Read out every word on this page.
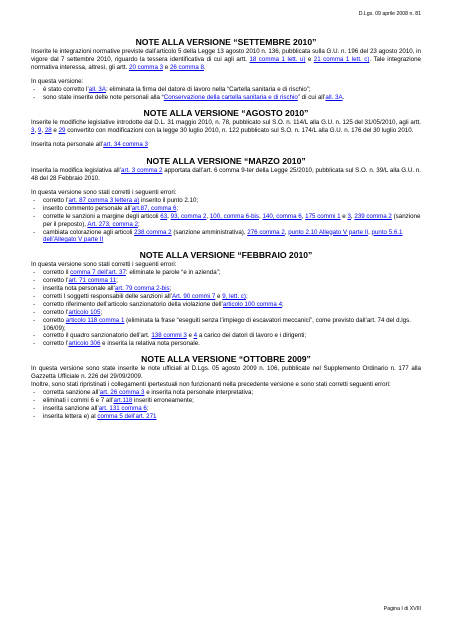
D.Lgs. 09 aprile 2008 n. 81
NOTE ALLA VERSIONE “SETTEMBRE 2010”

Inserite le integrazioni normative previste dall’articolo 5 della Legge 13 agosto 2010 n. 136, pubblicata sulla G.U. n. 196 del 23 agosto 2010, in vigore dal 7 settembre 2010, riguardo la tessera identificativa di cui agli artt. 18 comma 1 lett. u) e 21 comma 1 lett. c). Tale integrazione normativa interessa, altresì, gli artt. 20 comma 3 e 26 comma 8.

In questa versione:

- è stato corretto l’all. 3A: eliminata la firma del datore di lavoro nella “Cartella sanitaria e di rischio”;
- sono state inserite delle note personali alla “Conservazione della cartella sanitaria e di rischio” di cui all’all. 3A.
NOTE ALLA VERSIONE “AGOSTO 2010”

Inserite le modifiche legislative introdotte dal D.L. 31 maggio 2010, n. 78, pubblicato sul S.O. n. 114/L alla G.U. n. 125 del 31/05/2010, agli artt. 3, 9, 28 e 29 convertito con modificazioni con la legge 30 luglio 2010, n. 122 pubblicato sul S.O. n. 174/L alla G.U. n. 176 del 30 luglio 2010.

Inserita nota personale all’art. 34 comma 3

NOTE ALLA VERSIONE “MARZO 2010”

Inserita la modifica legislativa all’art. 3 comma 2 apportata dall’art. 6 comma 9-ter della Legge 25/2010, pubblicata sul S.O. n. 39/L alla G.U. n. 48 del 28 Febbraio 2010.

In questa versione sono stati corretti i seguenti errori:

- corretto l’art. 87 comma 3 lettera a) inserito il punto 2.10;
- inserito commento personale all’art.87, comma 6;
- corrette le sanzioni a margine degli articoli 63, 93, comma 2, 100, comma 6-bis, 140, comma 6, 175 commi 1 e 3, 239 comma 2 (sanzione per il preposto), Art. 273, comma 2;
- cambiata colorazione agli articoli 238 comma 2 (sanzione amministrativa), 276 comma 2, punto 2.10 Allegato V parte II, punto 5.6.1 dell’Allegato V parte II
NOTE ALLA VERSIONE “FEBBRAIO 2010”

In questa versione sono stati corretti i seguenti errori:

- corretto il comma 7 dell’art. 37: eliminate le parole “e in azienda”;
- corretto l’art. 71 comma 11;
- inserita nota personale all’art. 79 comma 2-bis;
- corretti I soggetti responsabili delle sanzioni all’Art. 90 commi 7 e 9, lett. c);
- corretto riferimento dell’articolo sanzionatorio della violazione dell’articolo 100 comma 4;
- corretto l’articolo 105;
- corretto articolo 118 comma 1 (eliminata la frase “eseguiti senza l’impiego di escavatori meccanici”, come previsto dall’art. 74 del d.lgs. 106/09);
- corretto il quadro sanzionatorio dell’art. 138 commi 3 e 4 a carico dei datori di lavoro e i dirigenti;
- corretto l’articolo 306 e inserita la relativa nota personale.
NOTE ALLA VERSIONE “OTTOBRE 2009”

In questa versione sono state inserite le note ufficiali al D.Lgs. 05 agosto 2009 n. 106, pubblicate nel Supplemento Ordinario n. 177 alla Gazzetta Ufficiale n. 226 del 29/09/2009.

Inoltre, sono stati ripristinati i collegamenti ipertestuali non funzionanti nella precedente versione e sono stati corretti seguenti errori:

- corretta sanzione all’art. 26 comma 3 e inserita nota personale interpretativa;
- eliminati i commi 6 e 7 all’art.118 inseriti erroneamente;
- inserita sanzione all’art. 131 comma 6;
- inserita lettera e) al comma 5 dell’art. 271
Pagina I di XVIII
